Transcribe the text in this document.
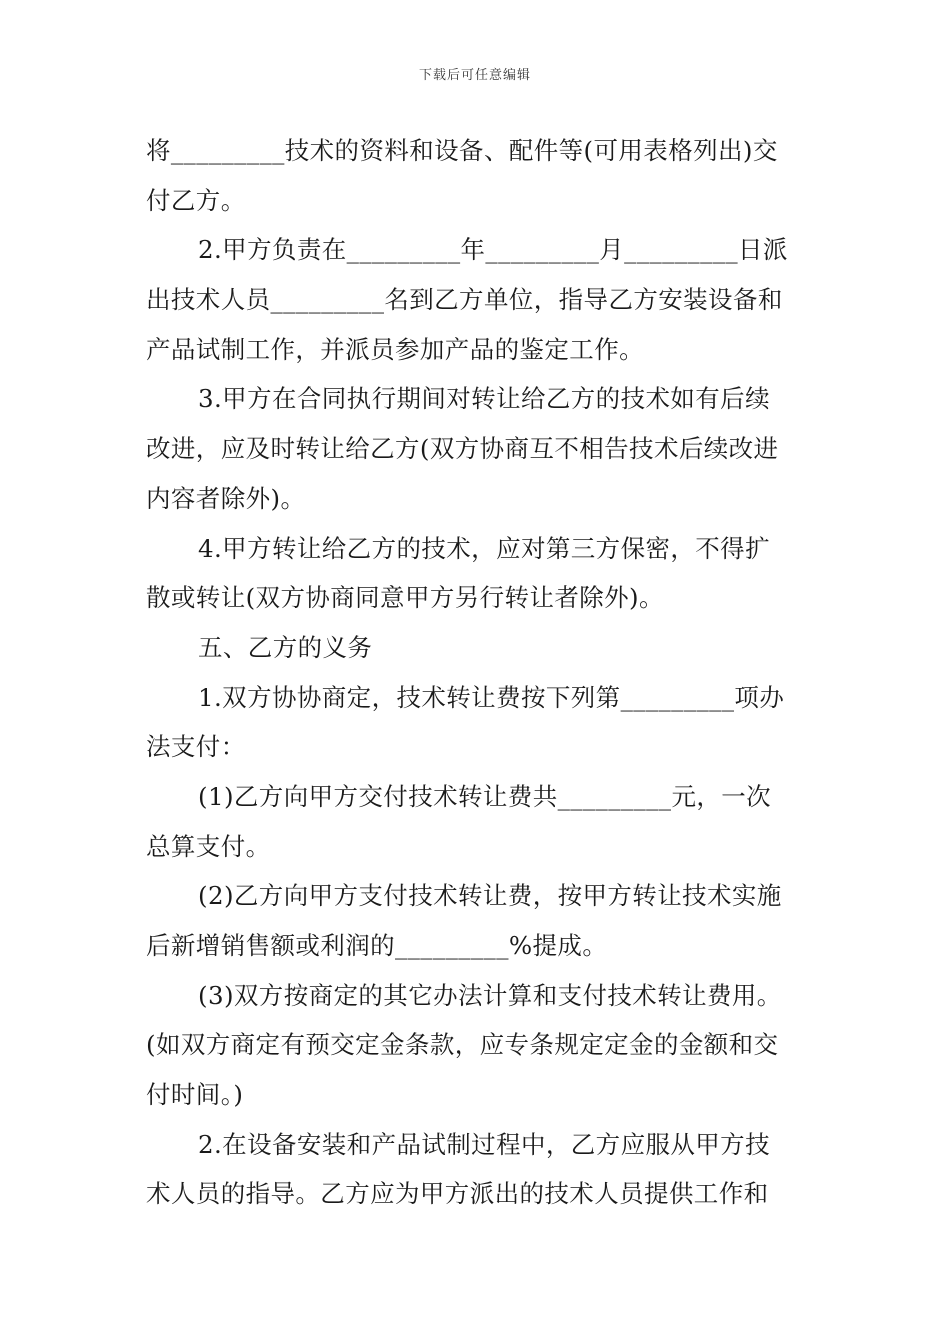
下载后可任意编辑
将_________技术的资料和设备、配件等(可用表格列出)交
付乙方。
2.甲方负责在_________年_________月_________日派
出技术人员_________名到乙方单位，指导乙方安装设备和
产品试制工作，并派员参加产品的鉴定工作。
3.甲方在合同执行期间对转让给乙方的技术如有后续
改进，应及时转让给乙方(双方协商互不相告技术后续改进
内容者除外)。
4.甲方转让给乙方的技术，应对第三方保密，不得扩
散或转让(双方协商同意甲方另行转让者除外)。
五、乙方的义务
1.双方协协商定，技术转让费按下列第_________项办
法支付：
(1)乙方向甲方交付技术转让费共_________元，一次
总算支付。
(2)乙方向甲方支付技术转让费，按甲方转让技术实施
后新增销售额或利润的_________%提成。
(3)双方按商定的其它办法计算和支付技术转让费用。
(如双方商定有预交定金条款，应专条规定定金的金额和交
付时间。)
2.在设备安装和产品试制过程中，乙方应服从甲方技
术人员的指导。乙方应为甲方派出的技术人员提供工作和
